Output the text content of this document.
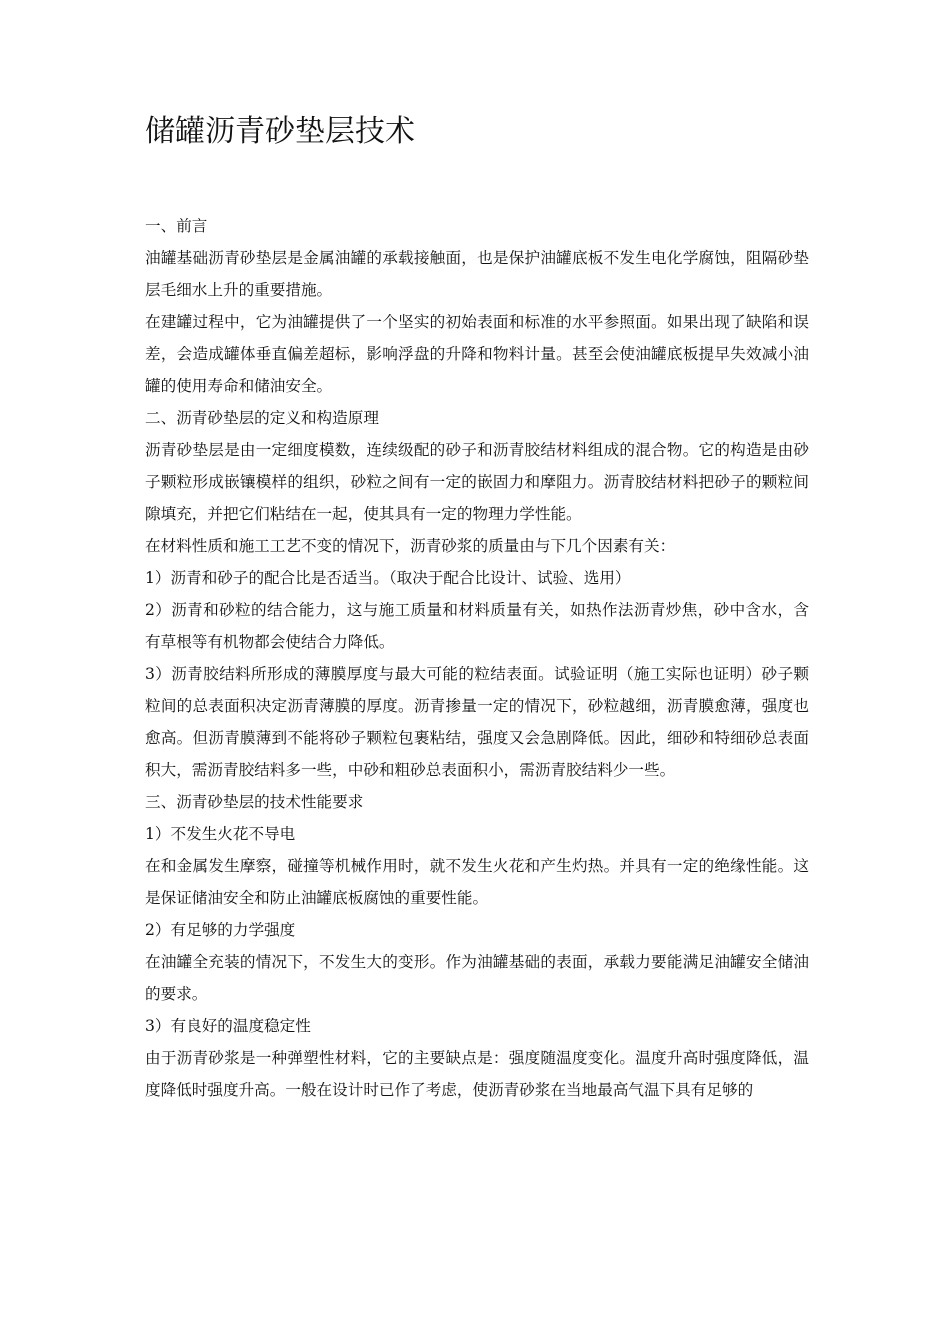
储罐沥青砂垫层技术

一、前言

油罐基础沥青砂垫层是金属油罐的承载接触面，也是保护油罐底板不发生电化学腐蚀，阻隔砂垫层毛细水上升的重要措施。

在建罐过程中，它为油罐提供了一个坚实的初始表面和标准的水平参照面。如果出现了缺陷和误差，会造成罐体垂直偏差超标，影响浮盘的升降和物料计量。甚至会使油罐底板提早失效减小油罐的使用寿命和储油安全。

二、沥青砂垫层的定义和构造原理

沥青砂垫层是由一定细度模数，连续级配的砂子和沥青胶结材料组成的混合物。它的构造是由砂子颗粒形成嵌镶模样的组织，砂粒之间有一定的嵌固力和摩阻力。沥青胶结材料把砂子的颗粒间隙填充，并把它们粘结在一起，使其具有一定的物理力学性能。

在材料性质和施工工艺不变的情况下，沥青砂浆的质量由与下几个因素有关：

1）沥青和砂子的配合比是否适当。（取决于配合比设计、试验、选用）

2）沥青和砂粒的结合能力，这与施工质量和材料质量有关，如热作法沥青炒焦，砂中含水，含有草根等有机物都会使结合力降低。

3）沥青胶结料所形成的薄膜厚度与最大可能的粒结表面。试验证明（施工实际也证明）砂子颗粒间的总表面积决定沥青薄膜的厚度。沥青掺量一定的情况下，砂粒越细，沥青膜愈薄，强度也愈高。但沥青膜薄到不能将砂子颗粒包裹粘结，强度又会急剧降低。因此，细砂和特细砂总表面积大，需沥青胶结料多一些，中砂和粗砂总表面积小，需沥青胶结料少一些。

三、沥青砂垫层的技术性能要求

1）不发生火花不导电

在和金属发生摩察，碰撞等机械作用时，就不发生火花和产生灼热。并具有一定的绝缘性能。这是保证储油安全和防止油罐底板腐蚀的重要性能。

2）有足够的力学强度

在油罐全充装的情况下，不发生大的变形。作为油罐基础的表面，承载力要能满足油罐安全储油的要求。

3）有良好的温度稳定性

由于沥青砂浆是一种弹塑性材料，它的主要缺点是：强度随温度变化。温度升高时强度降低，温度降低时强度升高。一般在设计时已作了考虑，使沥青砂浆在当地最高气温下具有足够的
